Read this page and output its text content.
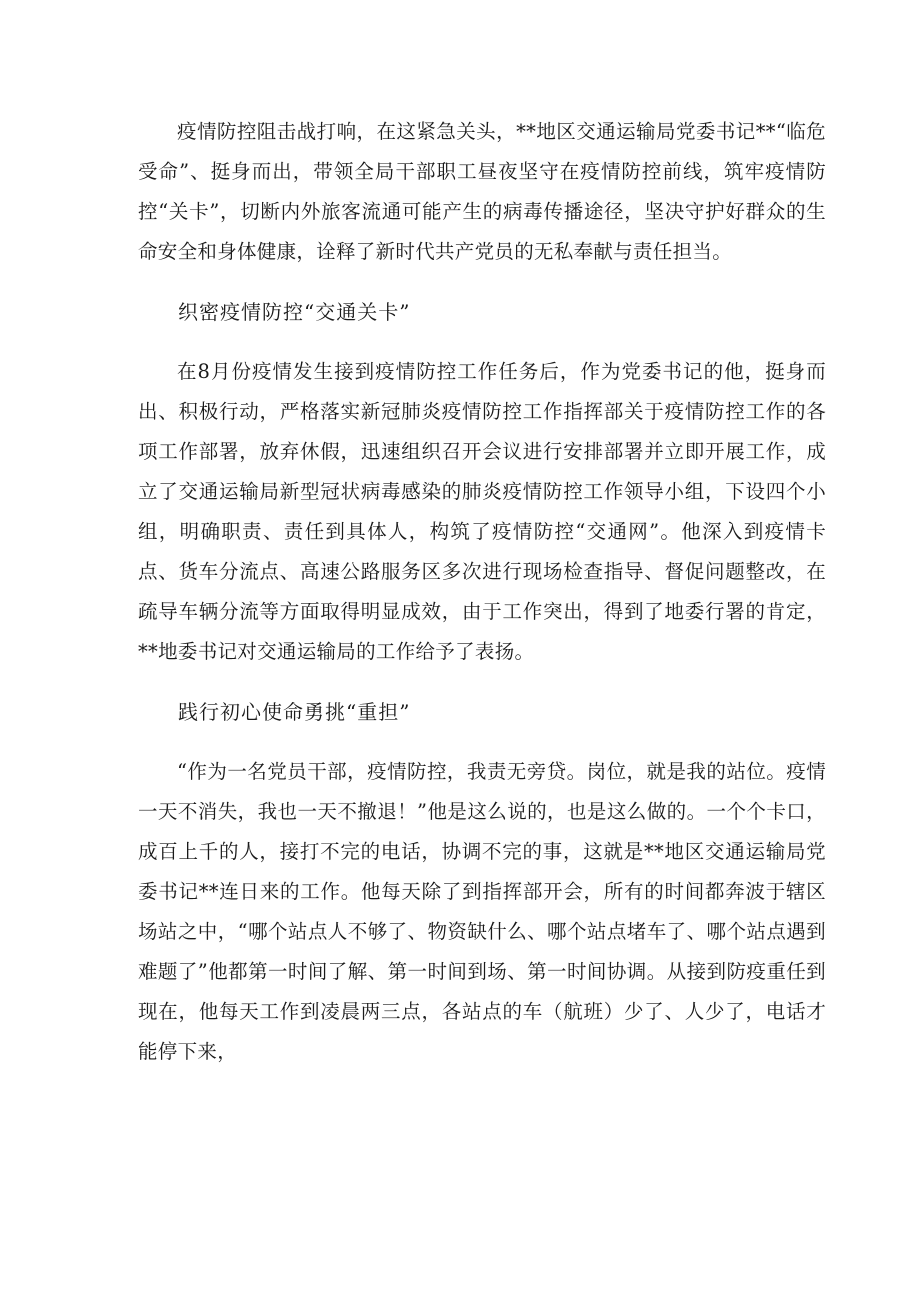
疫情防控阻击战打响，在这紧急关头，**地区交通运输局党委书记**“临危受命”、挺身而出，带领全局干部职工昼夜坚守在疫情防控前线，筑牢疫情防控“关卡”，切断内外旅客流通可能产生的病毒传播途径，坚决守护好群众的生命安全和身体健康，诠释了新时代共产党员的无私奉献与责任担当。

织密疫情防控“交通关卡”

在8月份疫情发生接到疫情防控工作任务后，作为党委书记的他，挺身而出、积极行动，严格落实新冠肺炎疫情防控工作指挥部关于疫情防控工作的各项工作部署，放弃休假，迅速组织召开会议进行安排部署并立即开展工作，成立了交通运输局新型冠状病毒感染的肺炎疫情防控工作领导小组，下设四个小组，明确职责、责任到具体人，构筑了疫情防控“交通网”。他深入到疫情卡点、货车分流点、高速公路服务区多次进行现场检查指导、督促问题整改，在疏导车辆分流等方面取得明显成效，由于工作突出，得到了地委行署的肯定，**地委书记对交通运输局的工作给予了表扬。

践行初心使命勇挑“重担”

“作为一名党员干部，疫情防控，我责无旁贷。岗位，就是我的站位。疫情一天不消失，我也一天不撤退！”他是这么说的，也是这么做的。一个个卡口，成百上千的人，接打不完的电话，协调不完的事，这就是**地区交通运输局党委书记**连日来的工作。他每天除了到指挥部开会，所有的时间都奔波于辖区场站之中，“哪个站点人不够了、物资缺什么、哪个站点堵车了、哪个站点遇到难题了”他都第一时间了解、第一时间到场、第一时间协调。从接到防疫重任到现在，他每天工作到凌晨两三点，各站点的车（航班）少了、人少了，电话才能停下来，
